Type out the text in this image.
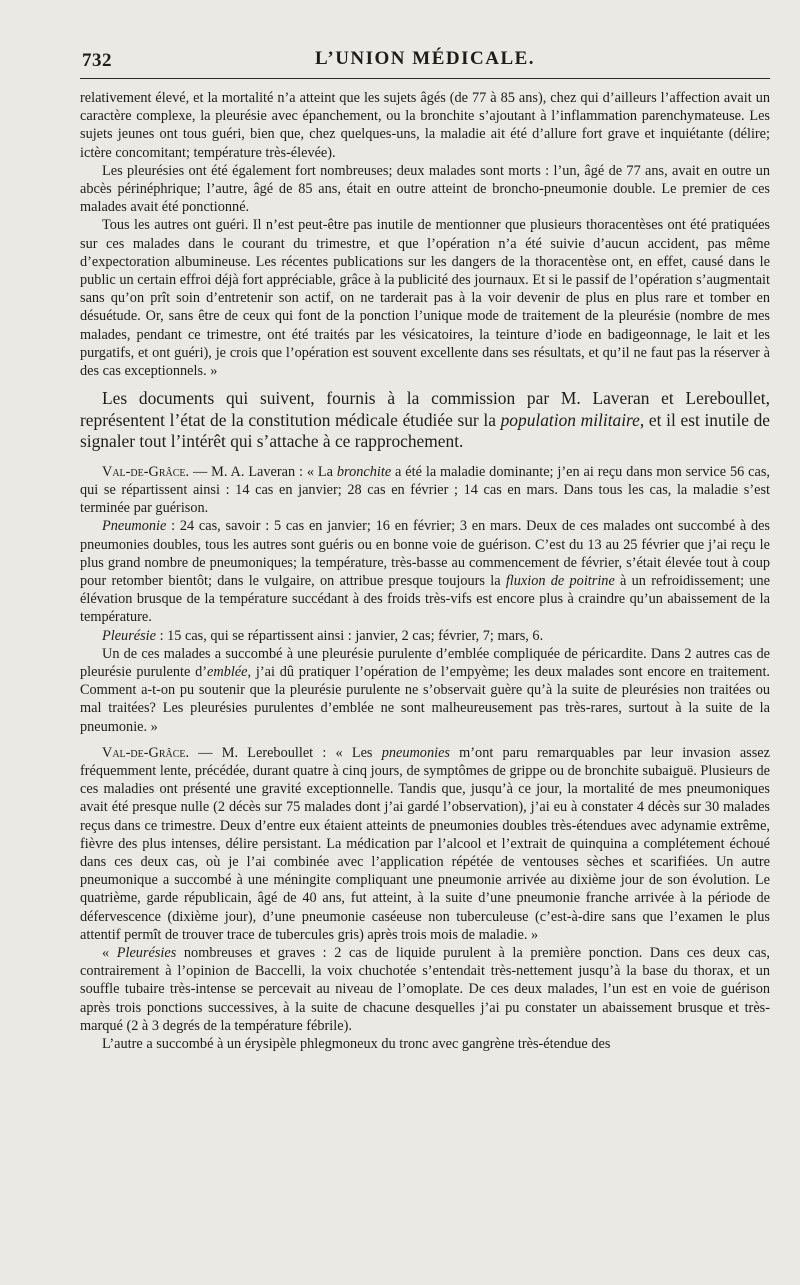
732	L’UNION MÉDICALE.

relativement élevé, et la mortalité n’a atteint que les sujets âgés (de 77 à 85 ans), chez qui d’ailleurs l’affection avait un caractère complexe, la pleurésie avec épanchement, ou la bronchite s’ajoutant à l’inflammation parenchymateuse. Les sujets jeunes ont tous guéri, bien que, chez quelques-uns, la maladie ait été d’allure fort grave et inquiétante (délire; ictère concomitant; température très-élevée).

Les pleurésies ont été également fort nombreuses; deux malades sont morts : l’un, âgé de 77 ans, avait en outre un abcès périnéphrique; l’autre, âgé de 85 ans, était en outre atteint de broncho-pneumonie double. Le premier de ces malades avait été ponctionné.

Tous les autres ont guéri. Il n’est peut-être pas inutile de mentionner que plusieurs thoracentèses ont été pratiquées sur ces malades dans le courant du trimestre, et que l’opération n’a été suivie d’aucun accident, pas même d’expectoration albumineuse. Les récentes publications sur les dangers de la thoracentèse ont, en effet, causé dans le public un certain effroi déjà fort appréciable, grâce à la publicité des journaux. Et si le passif de l’opération s’augmentait sans qu’on prît soin d’entretenir son actif, on ne tarderait pas à la voir devenir de plus en plus rare et tomber en désuétude. Or, sans être de ceux qui font de la ponction l’unique mode de traitement de la pleurésie (nombre de mes malades, pendant ce trimestre, ont été traités par les vésicatoires, la teinture d’iode en badigeonnage, le lait et les purgatifs, et ont guéri), je crois que l’opération est souvent excellente dans ses résultats, et qu’il ne faut pas la réserver à des cas exceptionnels. »

Les documents qui suivent, fournis à la commission par M. Laveran et Lereboullet, représentent l’état de la constitution médicale étudiée sur la population militaire, et il est inutile de signaler tout l’intérêt qui s’attache à ce rapprochement.

Val-de-Grâce. — M. A. Laveran : « La bronchite a été la maladie dominante; j’en ai reçu dans mon service 56 cas, qui se répartissent ainsi : 14 cas en janvier; 28 cas en février ; 14 cas en mars. Dans tous les cas, la maladie s’est terminée par guérison.

Pneumonie : 24 cas, savoir : 5 cas en janvier; 16 en février; 3 en mars. Deux de ces malades ont succombé à des pneumonies doubles, tous les autres sont guéris ou en bonne voie de guérison. C’est du 13 au 25 février que j’ai reçu le plus grand nombre de pneumoniques; la température, très-basse au commencement de février, s’était élevée tout à coup pour retomber bientôt; dans le vulgaire, on attribue presque toujours la fluxion de poitrine à un refroidissement; une élévation brusque de la température succédant à des froids très-vifs est encore plus à craindre qu’un abaissement de la température.

Pleurésie : 15 cas, qui se répartissent ainsi : janvier, 2 cas; février, 7; mars, 6.

Un de ces malades a succombé à une pleurésie purulente d’emblée compliquée de péricardite. Dans 2 autres cas de pleurésie purulente d’emblée, j’ai dû pratiquer l’opération de l’empyème; les deux malades sont encore en traitement. Comment a-t-on pu soutenir que la pleurésie purulente ne s’observait guère qu’à la suite de pleurésies non traitées ou mal traitées? Les pleurésies purulentes d’emblée ne sont malheureusement pas très-rares, surtout à la suite de la pneumonie. »

Val-de-Grâce. — M. Lereboullet : « Les pneumonies m’ont paru remarquables par leur invasion assez fréquemment lente, précédée, durant quatre à cinq jours, de symptômes de grippe ou de bronchite subaiguë. Plusieurs de ces maladies ont présenté une gravité exceptionnelle. Tandis que, jusqu’à ce jour, la mortalité de mes pneumoniques avait été presque nulle (2 décès sur 75 malades dont j’ai gardé l’observation), j’ai eu à constater 4 décès sur 30 malades reçus dans ce trimestre. Deux d’entre eux étaient atteints de pneumonies doubles très-étendues avec adynamie extrême, fièvre des plus intenses, délire persistant. La médication par l’alcool et l’extrait de quinquina a complétement échoué dans ces deux cas, où je l’ai combinée avec l’application répétée de ventouses sèches et scarifiées. Un autre pneumonique a succombé à une méningite compliquant une pneumonie arrivée au dixième jour de son évolution. Le quatrième, garde républicain, âgé de 40 ans, fut atteint, à la suite d’une pneumonie franche arrivée à la période de défervescence (dixième jour), d’une pneumonie caséeuse non tuberculeuse (c’est-à-dire sans que l’examen le plus attentif permît de trouver trace de tubercules gris) après trois mois de maladie. »

« Pleurésies nombreuses et graves : 2 cas de liquide purulent à la première ponction. Dans ces deux cas, contrairement à l’opinion de Baccelli, la voix chuchotée s’entendait très-nettement jusqu’à la base du thorax, et un souffle tubaire très-intense se percevait au niveau de l’omoplate. De ces deux malades, l’un est en voie de guérison après trois ponctions successives, à la suite de chacune desquelles j’ai pu constater un abaissement brusque et très-marqué (2 à 3 degrés de la température fébrile).

L’autre a succombé à un érysipèle phlegmoneux du tronc avec gangrène très-étendue des
